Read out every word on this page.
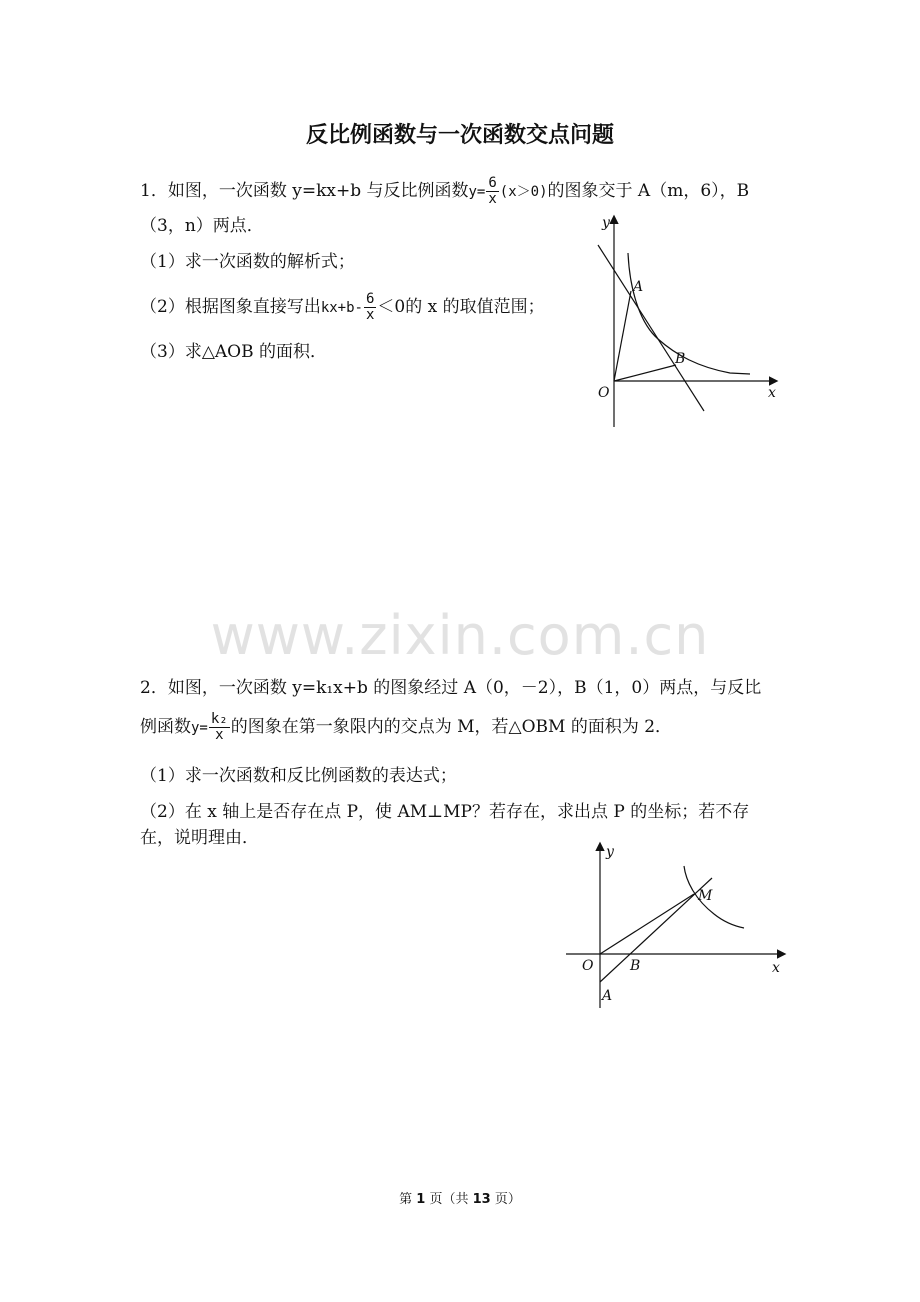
反比例函数与一次函数交点问题
1．如图，一次函数 y=kx+b 与反比例函数$y= \frac{6}{x} (x>0)$的图象交于 A（m，6），B
（3，n）两点．
（1）求一次函数的解析式；
（2）根据图象直接写出$kx+b- \frac{6}{x} <0$的 x 的取值范围；
（3）求△AOB 的面积．
y
x
O
A
B
www.zixin.com.cn
2．如图，一次函数 y=k₁x+b 的图象经过 A（0，－2），B（1，0）两点，与反比
例函数$y= \frac{\text{k₂}}{x}$ 的图象在第一象限内的交点为 M，若△OBM 的面积为 2．
（1）求一次函数和反比例函数的表达式；
（2）在 x 轴上是否存在点 P，使 AM⊥MP？若存在，求出点 P 的坐标；若不存
在，说明理由．
y
x
O	B
A
M
第 1 页（共 13 页）
